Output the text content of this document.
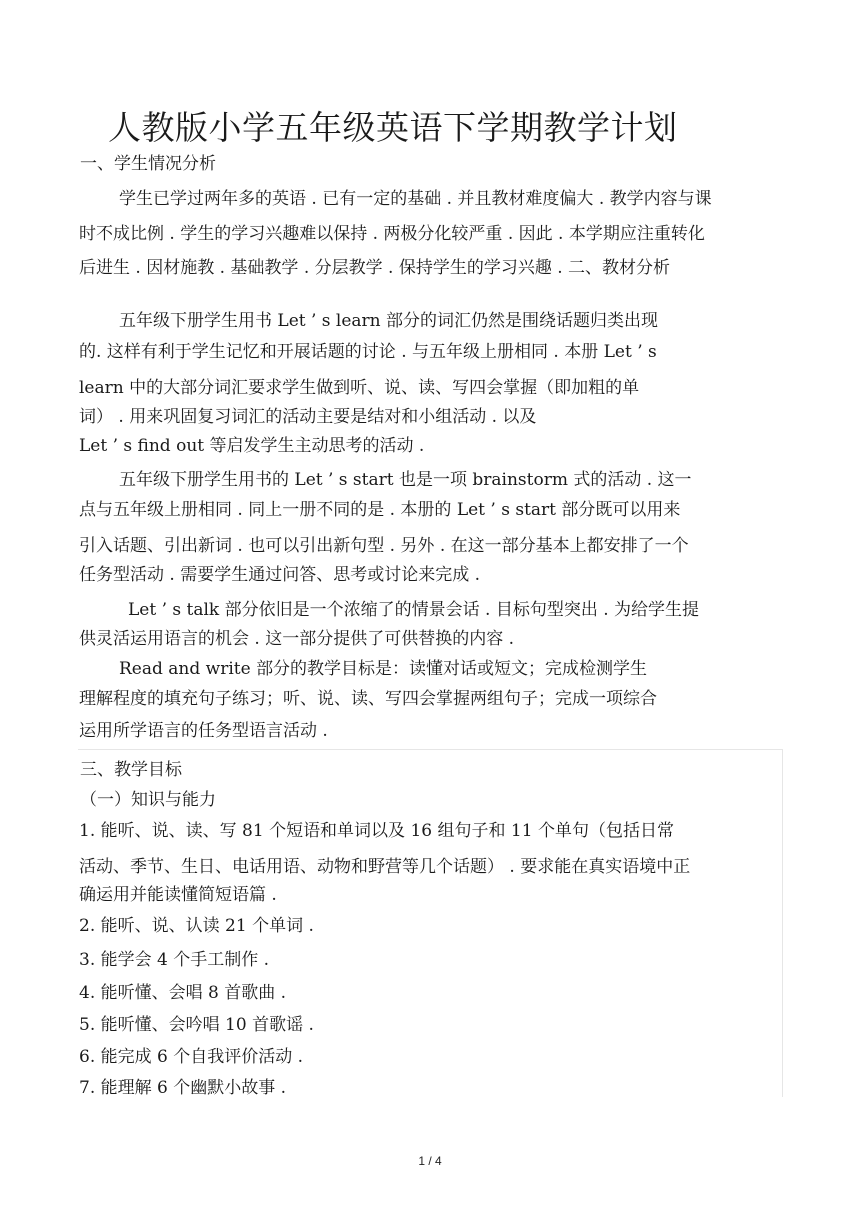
人教版小学五年级英语下学期教学计划
一、学生情况分析
学生已学过两年多的英语 . 已有一定的基础 . 并且教材难度偏大 . 教学内容与课
时不成比例 . 学生的学习兴趣难以保持 . 两极分化较严重 . 因此 . 本学期应注重转化
后进生 . 因材施教 . 基础教学 . 分层教学 . 保持学生的学习兴趣 . 二、教材分析
五年级下册学生用书 Let ’ s learn 部分的词汇仍然是围绕话题归类出现
的. 这样有利于学生记忆和开展话题的讨论 . 与五年级上册相同 . 本册 Let ’ s
learn 中的大部分词汇要求学生做到听、说、读、写四会掌握（即加粗的单
词） . 用来巩固复习词汇的活动主要是结对和小组活动 . 以及
Let ’ s find out 等启发学生主动思考的活动 .
五年级下册学生用书的 Let ’ s start 也是一项 brainstorm 式的活动 . 这一
点与五年级上册相同 . 同上一册不同的是 . 本册的 Let ’ s start 部分既可以用来
引入话题、引出新词 . 也可以引出新句型 . 另外 . 在这一部分基本上都安排了一个
任务型活动 . 需要学生通过问答、思考或讨论来完成 .
Let ’ s talk 部分依旧是一个浓缩了的情景会话 . 目标句型突出 . 为给学生提
供灵活运用语言的机会 . 这一部分提供了可供替换的内容 .
Read and write 部分的教学目标是：读懂对话或短文；完成检测学生
理解程度的填充句子练习；听、说、读、写四会掌握两组句子；完成一项综合
运用所学语言的任务型语言活动 .
三、教学目标
（一）知识与能力
1. 能听、说、读、写 81 个短语和单词以及 16 组句子和 11 个单句（包括日常
活动、季节、生日、电话用语、动物和野营等几个话题） . 要求能在真实语境中正
确运用并能读懂简短语篇 .
2. 能听、说、认读 21 个单词 .
3. 能学会 4 个手工制作 .
4. 能听懂、会唱 8 首歌曲 .
5. 能听懂、会吟唱 10 首歌谣 .
6. 能完成 6 个自我评价活动 .
7. 能理解 6 个幽默小故事 .
1 / 4
